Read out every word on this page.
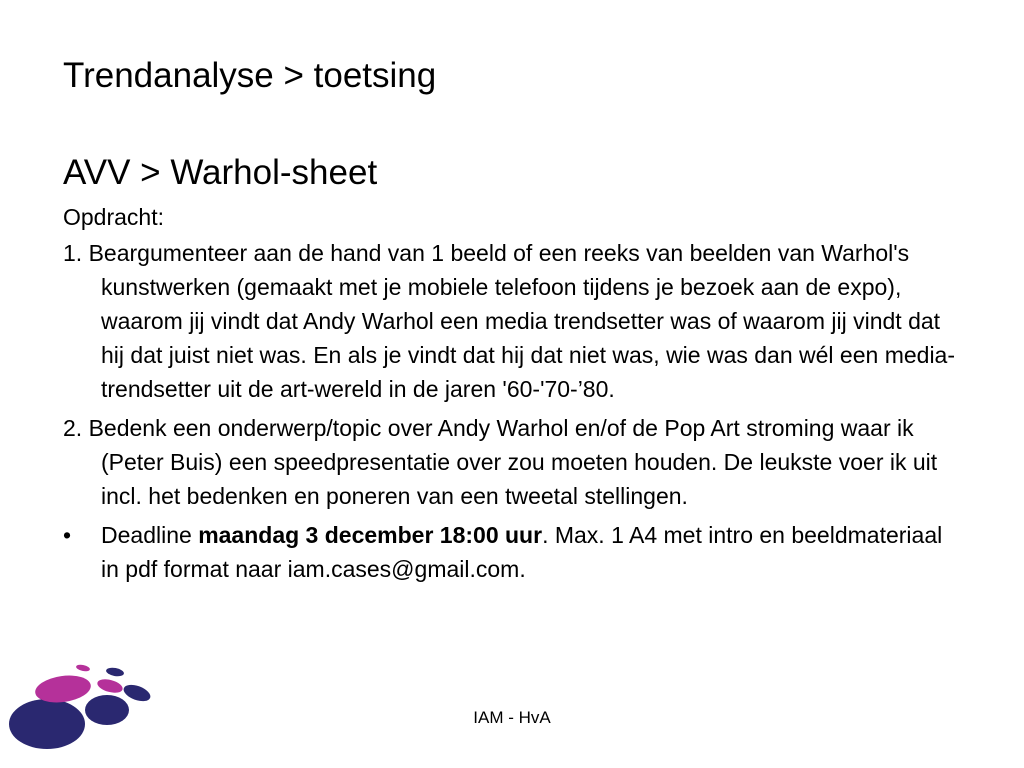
Trendanalyse > toetsing
AVV > Warhol-sheet

Opdracht:

1. Beargumenteer aan de hand van 1 beeld of een reeks van beelden van Warhol's kunstwerken (gemaakt met je mobiele telefoon tijdens je bezoek aan de expo), waarom jij vindt dat Andy Warhol een media trendsetter was of waarom jij vindt dat hij dat juist niet was. En als je vindt dat hij dat niet was, wie was dan wél een media-trendsetter uit de art-wereld in de jaren '60-'70-’80.

2. Bedenk een onderwerp/topic over Andy Warhol en/of de Pop Art stroming waar ik (Peter Buis) een speedpresentatie over zou moeten houden. De leukste voer ik uit incl. het bedenken en poneren van een tweetal stellingen.

• Deadline maandag 3 december 18:00 uur. Max. 1 A4 met intro en beeldmateriaal in pdf format naar iam.cases@gmail.com.

IAM - HvA
